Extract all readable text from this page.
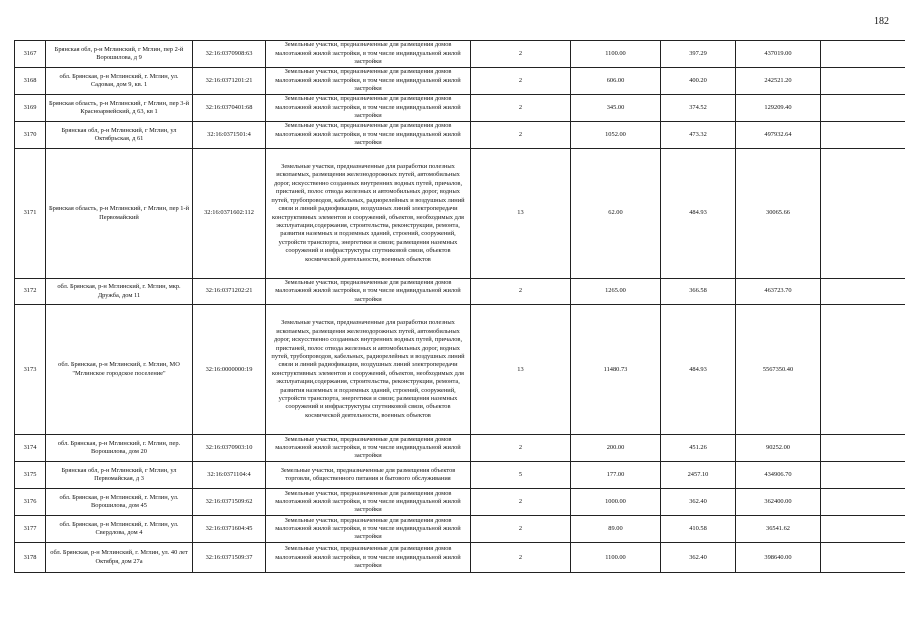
182
3167	Брянская обл, р-н Мглинский, г Мглин, пер 2-й Ворошилова, д 9	32:16:0370908:63	Земельные участки, предназначенные для размещения домов малоэтажной жилой застройки, в том числе индивидуальной жилой застройки	2	1100.00	397.29	437019.00	
3168	обл. Брянская, р-н Мглинский, г. Мглин, ул. Садовая, дом 9, кв. 1	32:16:0371201:21	Земельные участки, предназначенные для размещения домов малоэтажной жилой застройки, в том числе индивидуальной жилой застройки	2	606.00	400.20	242521.20	
3169	Брянская область, р-н Мглинский, г Мглин, пер 3-й Красноармейский, д 63, кв 1	32:16:0370401:68	Земельные участки, предназначенные для размещения домов малоэтажной жилой застройки, в том числе индивидуальной жилой застройки	2	345.00	374.52	129209.40	
3170	Брянская обл, р-н Мглинский, г Мглин, ул Октябрьская, д 61	32:16:0371501:4	Земельные участки, предназначенные для размещения домов малоэтажной жилой застройки, в том числе индивидуальной жилой застройки	2	1052.00	473.32	497932.64	
3171	Брянская область, р-н Мглинский, г Мглин, пер 1-й Первомайский	32:16:0371602:112	Земельные участки, предназначенные для разработки полезных ископаемых, размещения железнодорожных путей, автомобильных дорог, искусственно созданных внутренних водных путей, причалов, пристаней, полос отвода железных и автомобильных дорог, водных путей, трубопроводов, кабельных, радиорелейных и воздушных линий связи и линий радиофикации, воздушных линий электропередачи конструктивных элементов и сооружений, объектов, необходимых для эксплуатации,содержания, строительства, реконструкции, ремонта, развития наземных и подземных зданий, строений, сооружений, устройств транспорта, энергетики и связи; размещения наземных сооружений и инфраструктуры спутниковой связи, объектов космической деятельности, военных объектов	13	62.00	484.93	30065.66	
3172	обл. Брянская, р-н Мглинский, г. Мглин, мкр. Дружба, дом 11	32:16:0371202:21	Земельные участки, предназначенные для размещения домов малоэтажной жилой застройки, в том числе индивидуальной жилой застройки	2	1265.00	366.58	463723.70	
3173	обл. Брянская, р-н Мглинский, г. Мглин, МО "Мглинское городское поселение"	32:16:0000000:19	Земельные участки, предназначенные для разработки полезных ископаемых, размещения железнодорожных путей, автомобильных дорог, искусственно созданных внутренних водных путей, причалов, пристаней, полос отвода железных и автомобильных дорог, водных путей, трубопроводов, кабельных, радиорелейных и воздушных линий связи и линий радиофикации, воздушных линий электропередачи конструктивных элементов и сооружений, объектов, необходимых для эксплуатации,содержания, строительства, реконструкции, ремонта, развития наземных и подземных зданий, строений, сооружений, устройств транспорта, энергетики и связи; размещения наземных сооружений и инфраструктуры спутниковой связи, объектов космической деятельности, военных объектов	13	11480.73	484.93	5567350.40	
3174	обл. Брянская, р-н Мглинский, г. Мглин, пер. Ворошилова, дом 20	32:16:0370903:10	Земельные участки, предназначенные для размещения домов малоэтажной жилой застройки, в том числе индивидуальной жилой застройки	2	200.00	451.26	90252.00	
3175	Брянская обл, р-н Мглинский, г Мглин, ул Первомайская, д 3	32:16:0371104:4	Земельные участки, предназначенные для размещения объектов торговли, общественного питания и бытового обслуживания	5	177.00	2457.10	434906.70	
3176	обл. Брянская, р-н Мглинский, г. Мглин, ул. Ворошилова, дом 45	32:16:0371509:62	Земельные участки, предназначенные для размещения домов малоэтажной жилой застройки, в том числе индивидуальной жилой застройки	2	1000.00	362.40	362400.00	
3177	обл. Брянская, р-н Мглинский, г. Мглин, ул. Свердлова, дом 4	32:16:0371604:45	Земельные участки, предназначенные для размещения домов малоэтажной жилой застройки, в том числе индивидуальной жилой застройки	2	89.00	410.58	36541.62	
3178	обл. Брянская, р-н Мглинский, г. Мглин, ул. 40 лет Октября, дом 27а	32:16:0371509:37	Земельные участки, предназначенные для размещения домов малоэтажной жилой застройки, в том числе индивидуальной жилой застройки	2	1100.00	362.40	398640.00	
